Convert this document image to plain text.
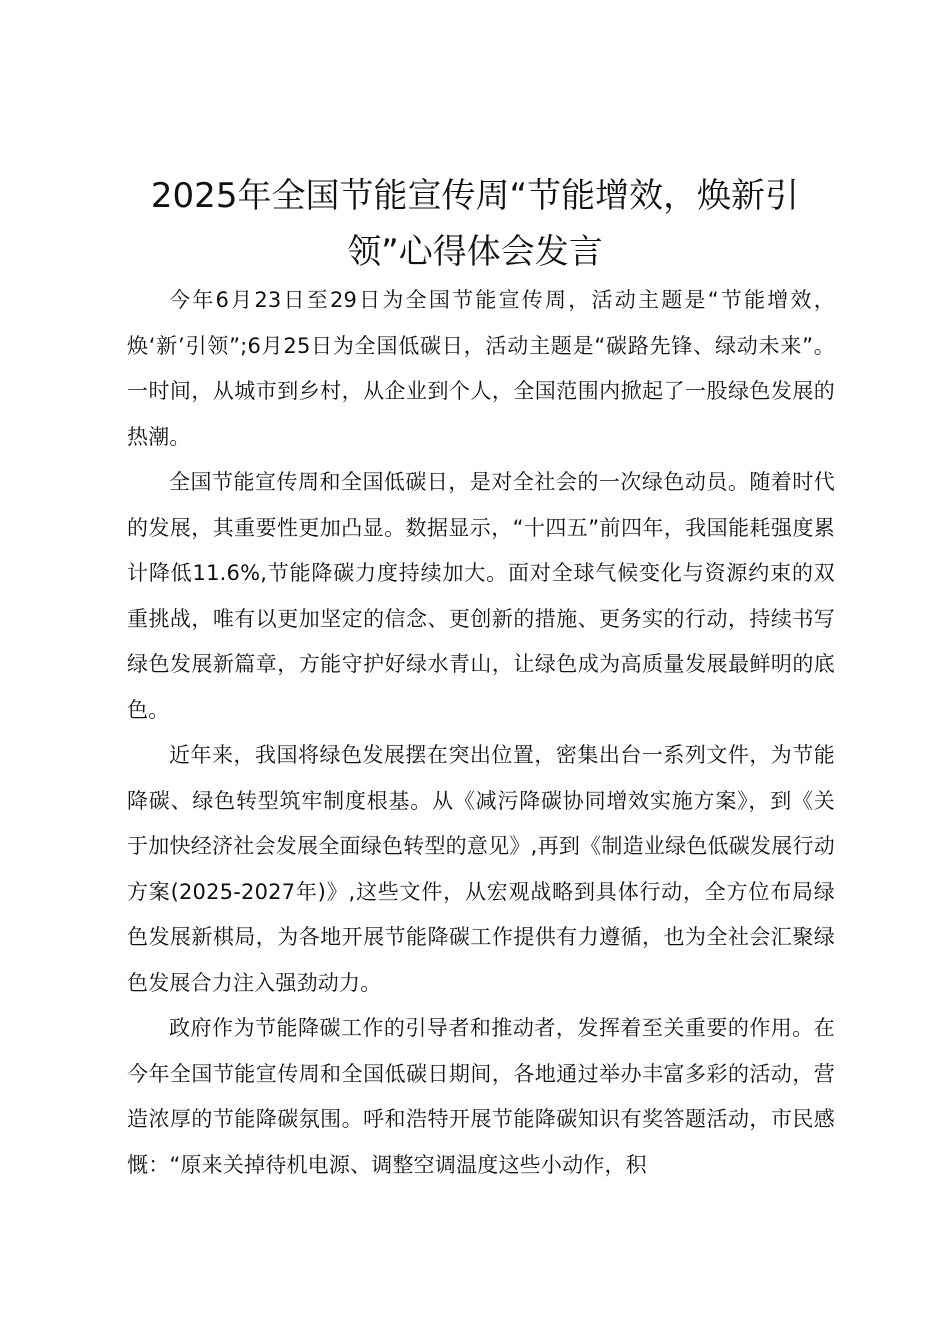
2025年全国节能宣传周“节能增效，焕新引领”心得体会发言

今年6月23日至29日为全国节能宣传周，活动主题是“节能增效，焕‘新’引领”;6月25日为全国低碳日，活动主题是“碳路先锋、绿动未来”。一时间，从城市到乡村，从企业到个人，全国范围内掀起了一股绿色发展的热潮。

全国节能宣传周和全国低碳日，是对全社会的一次绿色动员。随着时代的发展，其重要性更加凸显。数据显示，“十四五”前四年，我国能耗强度累计降低11.6%,节能降碳力度持续加大。面对全球气候变化与资源约束的双重挑战，唯有以更加坚定的信念、更创新的措施、更务实的行动，持续书写绿色发展新篇章，方能守护好绿水青山，让绿色成为高质量发展最鲜明的底色。

近年来，我国将绿色发展摆在突出位置，密集出台一系列文件，为节能降碳、绿色转型筑牢制度根基。从《减污降碳协同增效实施方案》，到《关于加快经济社会发展全面绿色转型的意见》,再到《制造业绿色低碳发展行动方案(2025-2027年)》,这些文件，从宏观战略到具体行动，全方位布局绿色发展新棋局，为各地开展节能降碳工作提供有力遵循，也为全社会汇聚绿色发展合力注入强劲动力。

政府作为节能降碳工作的引导者和推动者，发挥着至关重要的作用。在今年全国节能宣传周和全国低碳日期间，各地通过举办丰富多彩的活动，营造浓厚的节能降碳氛围。呼和浩特开展节能降碳知识有奖答题活动，市民感慨：“原来关掉待机电源、调整空调温度这些小动作，积
